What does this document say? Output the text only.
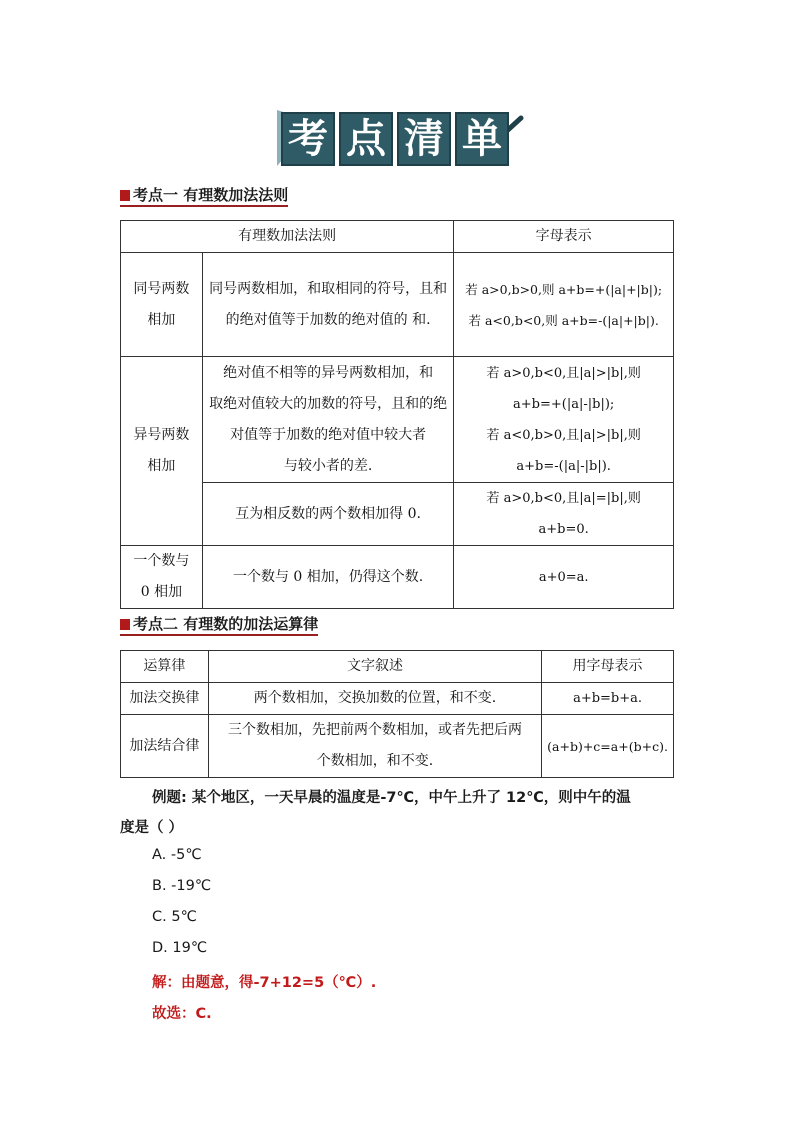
考 点 清 单
考点一 有理数加法法则
有理数加法法则		字母表示

同号两数
相加	同号两数相加，和取相同的符号，且和
的绝对值等于加数的绝对值的 和.	若 a>0,b>0,则 a+b=+(|a|+|b|);
若 a<0,b<0,则 a+b=-(|a|+|b|).

异号两数
相加	绝对值不相等的异号两数相加，和
取绝对值较大的加数的符号，且和的绝
对值等于加数的绝对值中较大者
与较小者的差.	若 a>0,b<0,且|a|>|b|,则
a+b=+(|a|-|b|);
若 a<0,b>0,且|a|>|b|,则
a+b=-(|a|-|b|).

	互为相反数的两个数相加得 0.	若 a>0,b<0,且|a|=|b|,则
a+b=0.

一个数与
0 相加	一个数与 0 相加，仍得这个数.	a+0=a.
考点二 有理数的加法运算律
运算律	文字叙述	用字母表示
加法交换律	两个数相加，交换加数的位置，和不变.	a+b=b+a.
加法结合律	三个数相加，先把前两个数相加，或者先把后两
个数相加，和不变.	(a+b)+c=a+(b+c).
例题: 某个地区，一天早晨的温度是-7℃，中午上升了 12℃，则中午的温
度是（ ）
A. -5℃
B. -19℃
C. 5℃
D. 19℃
解：由题意，得-7+12=5（℃）.
故选：C.
